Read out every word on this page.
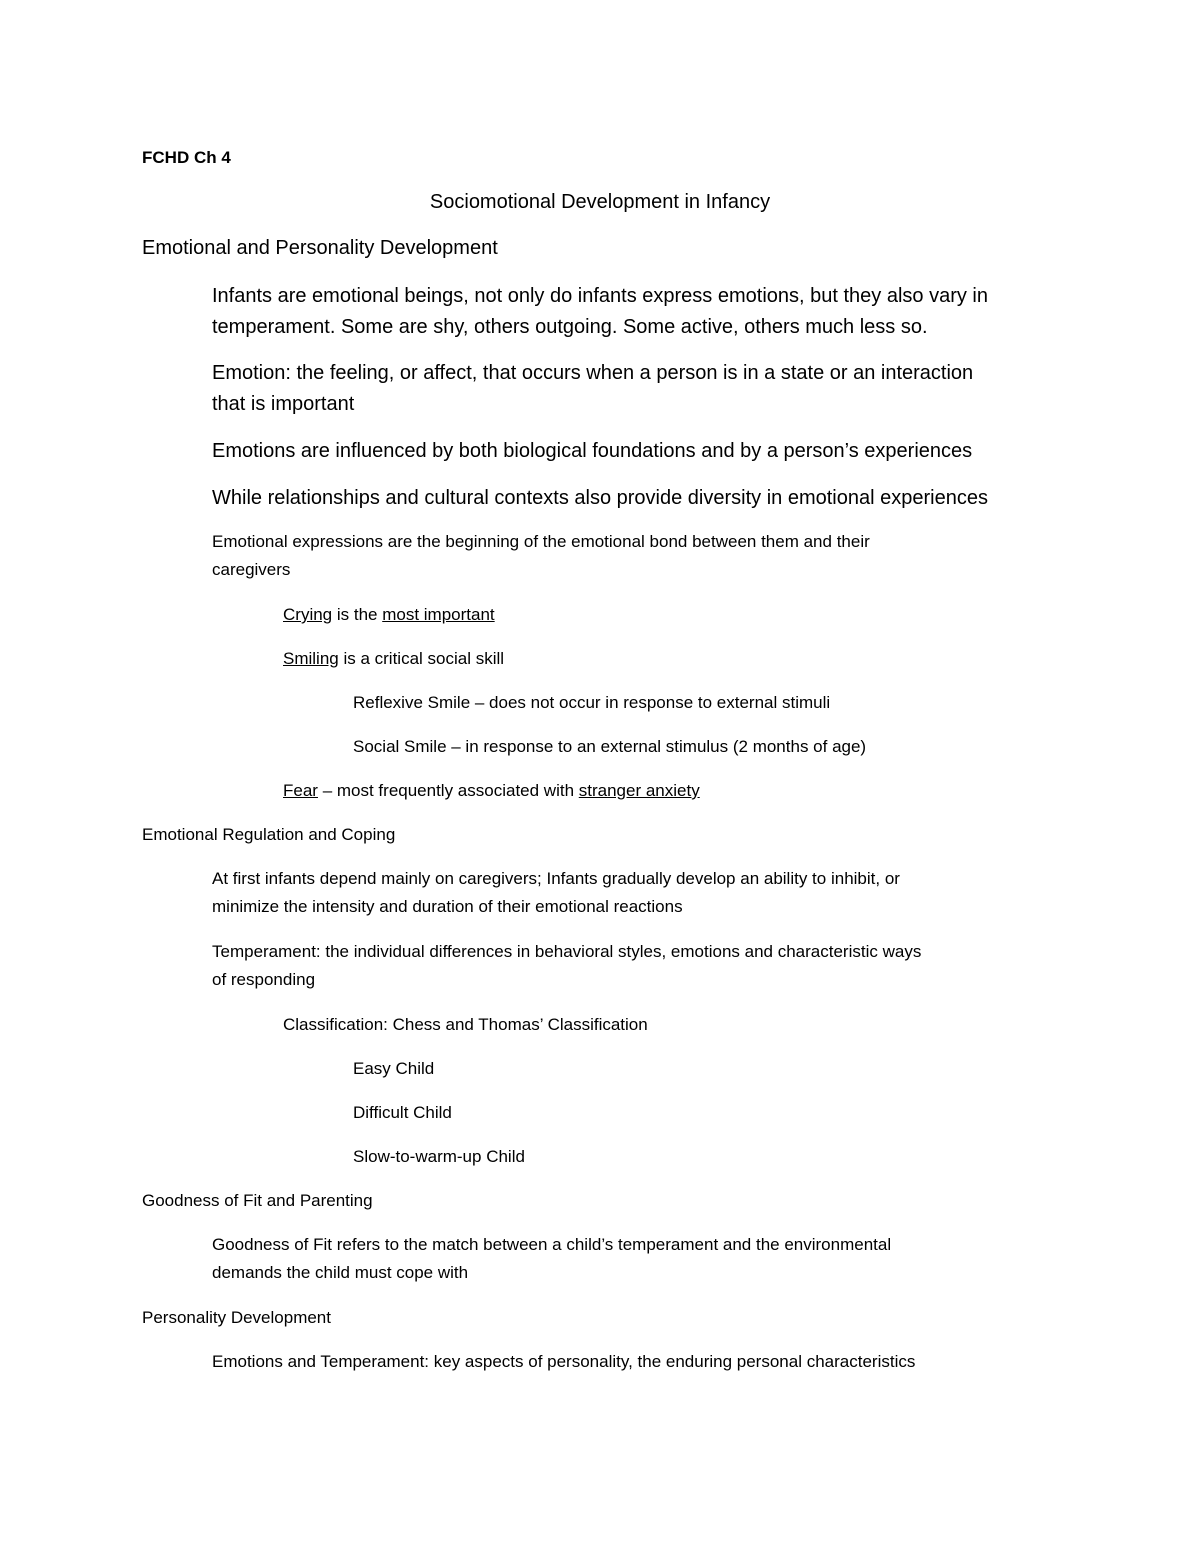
FCHD Ch 4
Sociomotional Development in Infancy
Emotional and Personality Development
Infants are emotional beings, not only do infants express emotions, but they also vary in
temperament. Some are shy, others outgoing. Some active, others much less so.
Emotion: the feeling, or affect, that occurs when a person is in a state or an interaction
that is important
Emotions are influenced by both biological foundations and by a person’s experiences
While relationships and cultural contexts also provide diversity in emotional experiences
Emotional expressions are the beginning of the emotional bond between them and their
caregivers
Crying is the most important
Smiling is a critical social skill
Reflexive Smile – does not occur in response to external stimuli
Social Smile – in response to an external stimulus (2 months of age)
Fear – most frequently associated with stranger anxiety
Emotional Regulation and Coping
At first infants depend mainly on caregivers; Infants gradually develop an ability to inhibit, or
minimize the intensity and duration of their emotional reactions
Temperament: the individual differences in behavioral styles, emotions and characteristic ways
of responding
Classification: Chess and Thomas’ Classification
Easy Child
Difficult Child
Slow-to-warm-up Child
Goodness of Fit and Parenting
Goodness of Fit refers to the match between a child’s temperament and the environmental
demands the child must cope with
Personality Development
Emotions and Temperament: key aspects of personality, the enduring personal characteristics
